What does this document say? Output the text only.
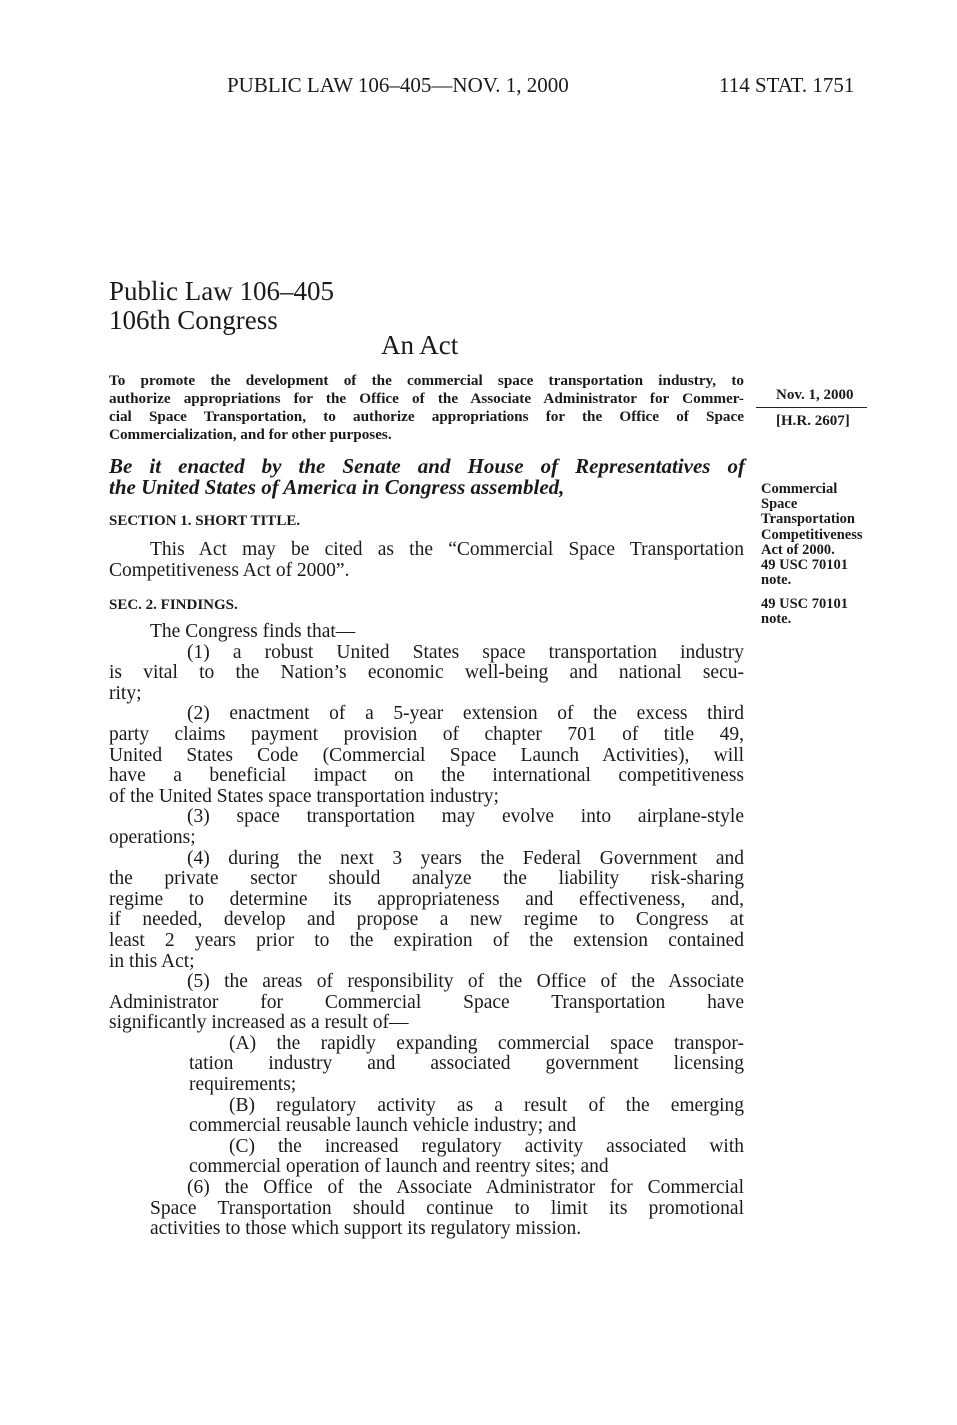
PUBLIC LAW 106–405—NOV. 1, 2000	114 STAT. 1751
Public Law 106–405
106th Congress
An Act
To promote the development of the commercial space transportation industry, to
authorize appropriations for the Office of the Associate Administrator for Commer-
cial Space Transportation, to authorize appropriations for the Office of Space
Commercialization, and for other purposes.
Nov. 1, 2000
[H.R. 2607]
Be it enacted by the Senate and House of Representatives of
the United States of America in Congress assembled,	Commercial
Space
Transportation
Competitiveness
Act of 2000.
49 USC 70101
note.
SECTION 1. SHORT TITLE.

This Act may be cited as the “Commercial Space Transportation

Competitiveness Act of 2000”.

49 USC 70101
note.
SEC. 2. FINDINGS.

The Congress finds that—

(1) a robust United States space transportation industry

is vital to the Nation’s economic well-being and national secu-

rity;

(2) enactment of a 5-year extension of the excess third

party claims payment provision of chapter 701 of title 49,

United States Code (Commercial Space Launch Activities), will

have a beneficial impact on the international competitiveness

of the United States space transportation industry;

(3) space transportation may evolve into airplane-style

operations;

(4) during the next 3 years the Federal Government and

the private sector should analyze the liability risk-sharing

regime to determine its appropriateness and effectiveness, and,

if needed, develop and propose a new regime to Congress at

least 2 years prior to the expiration of the extension contained

in this Act;

(5) the areas of responsibility of the Office of the Associate

Administrator for Commercial Space Transportation have

significantly increased as a result of—

(A) the rapidly expanding commercial space transpor-

tation industry and associated government licensing

requirements;

(B) regulatory activity as a result of the emerging

commercial reusable launch vehicle industry; and

(C) the increased regulatory activity associated with

commercial operation of launch and reentry sites; and

(6) the Office of the Associate Administrator for Commercial

Space Transportation should continue to limit its promotional

activities to those which support its regulatory mission.
